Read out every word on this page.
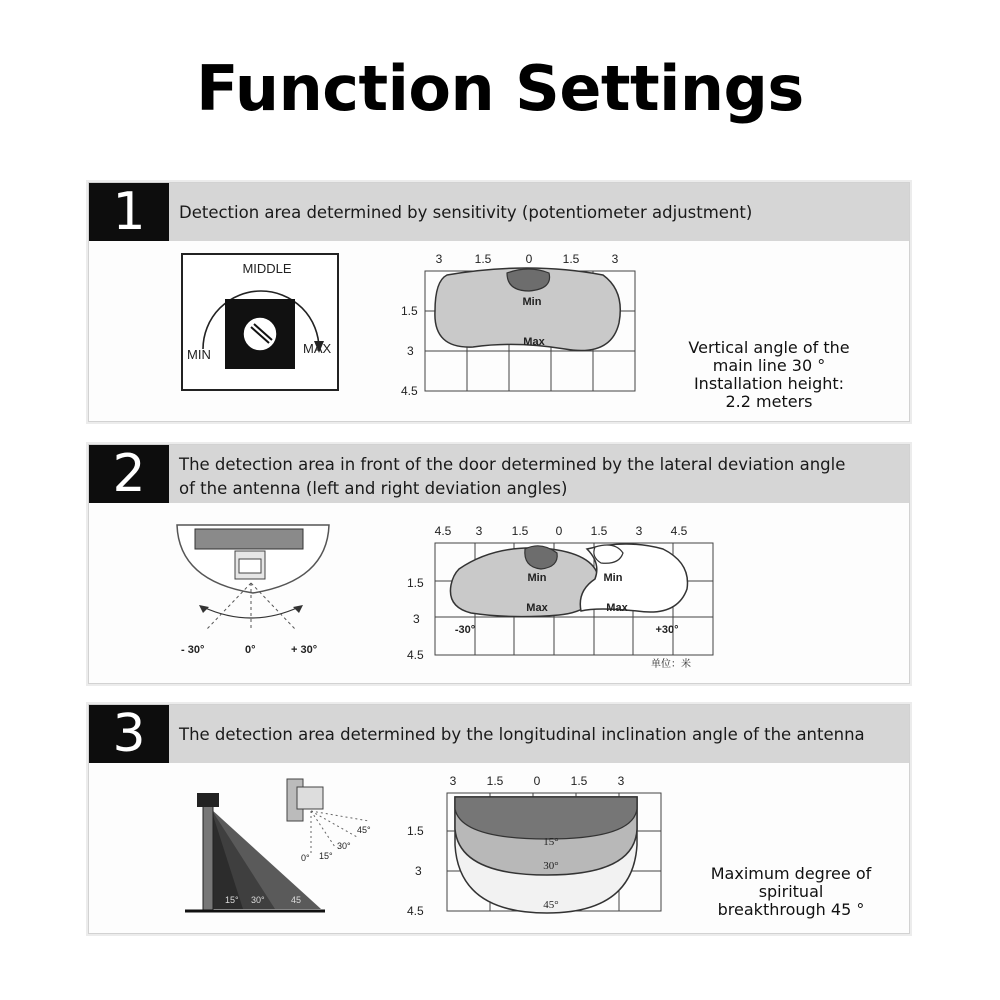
Function Settings
1	Detection area determined by sensitivity (potentiometer adjustment)
MIDDLE
MIN	MAX
3	1.5	0	1.5	3
1.5
3
4.5
Min
Max	Vertical angle of the
main line 30 °
Installation height:
2.2 meters
2	The detection area in front of the door determined by the lateral deviation angle
of the antenna (left and right deviation angles)
- 30°	0°	+ 30°
4.5 3 1.5 0 1.5 3 4.5
1.5
3
4.5
Min
Max
Min
Max
-30°	+30°
单位：米
3	The detection area determined by the longitudinal inclination angle of the antenna
15° 30°	45
0° 15°
30°
45°
3	1.5	0	1.5	3
1.5
3
4.5
15°
30°
45°
Maximum degree of
spiritual
breakthrough 45 °
